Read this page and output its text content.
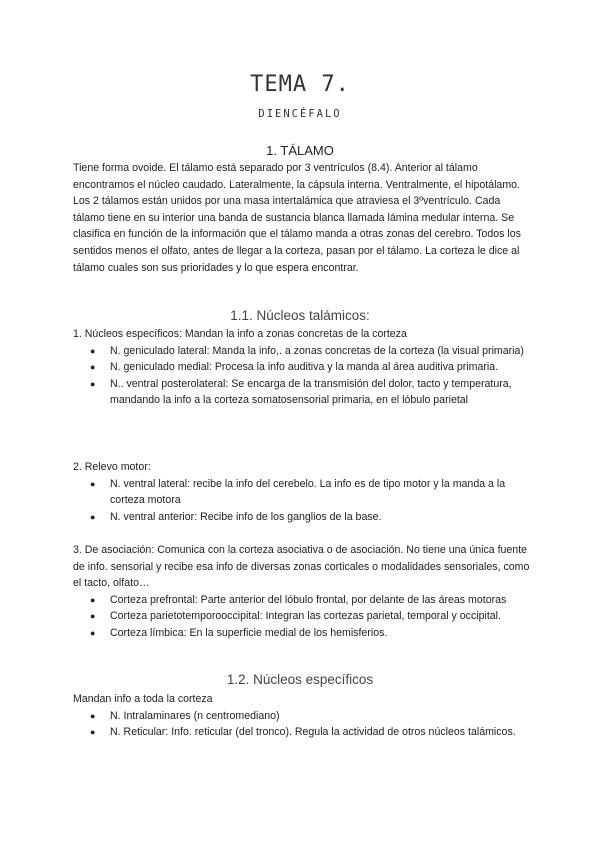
TEMA 7.
DIENCÉFALO
1. TÁLAMO

Tiene forma ovoide. El tálamo está separado por 3 ventrículos (8.4). Anterior al tálamo encontramos el núcleo caudado. Lateralmente, la cápsula interna. Ventralmente, el hipotálamo.

Los 2 tálamos están unidos por una masa intertalámica que atraviesa el 3ºventrículo. Cada tálamo tiene en su interior una banda de sustancia blanca llamada lámina medular interna. Se clasifica en función de la información que el tálamo manda a otras zonas del cerebro. Todos los sentidos menos el olfato, antes de llegar a la corteza, pasan por el tálamo. La corteza le dice al tálamo cuales son sus prioridades y lo que espera encontrar.

1.1. Núcleos talámicos:

1. Núcleos específicos: Mandan la info a zonas concretas de la corteza

● N. geniculado lateral: Manda la info,. a zonas concretas de la corteza (la visual primaria)
● N. geniculado medial: Procesa la info auditiva y la manda al área auditiva primaria.
● N.. ventral posterolateral: Se encarga de la transmisión del dolor, tacto y temperatura, mandando la info a la corteza somatosensorial primaria, en el lóbulo parietal

2. Relevo motor:

● N. ventral lateral: recibe la info del cerebelo. La info es de tipo motor y la manda a la corteza motora
● N. ventral anterior: Recibe info de los ganglios de la base.

3. De asociación: Comunica con la corteza asociativa o de asociación. No tiene una única fuente de info. sensorial y recibe esa info de diversas zonas corticales o modalidades sensoriales, como el tacto, olfato…

● Corteza prefrontal: Parte anterior del lóbulo frontal, por delante de las áreas motoras
● Corteza parietotemporooccipital: Integran las cortezas parietal, temporal y occipital.
● Corteza límbica: En la superficie medial de los hemisferios.
1.2. Núcleos específicos

Mandan info a toda la corteza

● N. Intralaminares (n centromediano)
● N. Reticular: Info. reticular (del tronco). Regula la actividad de otros núcleos talámicos.
